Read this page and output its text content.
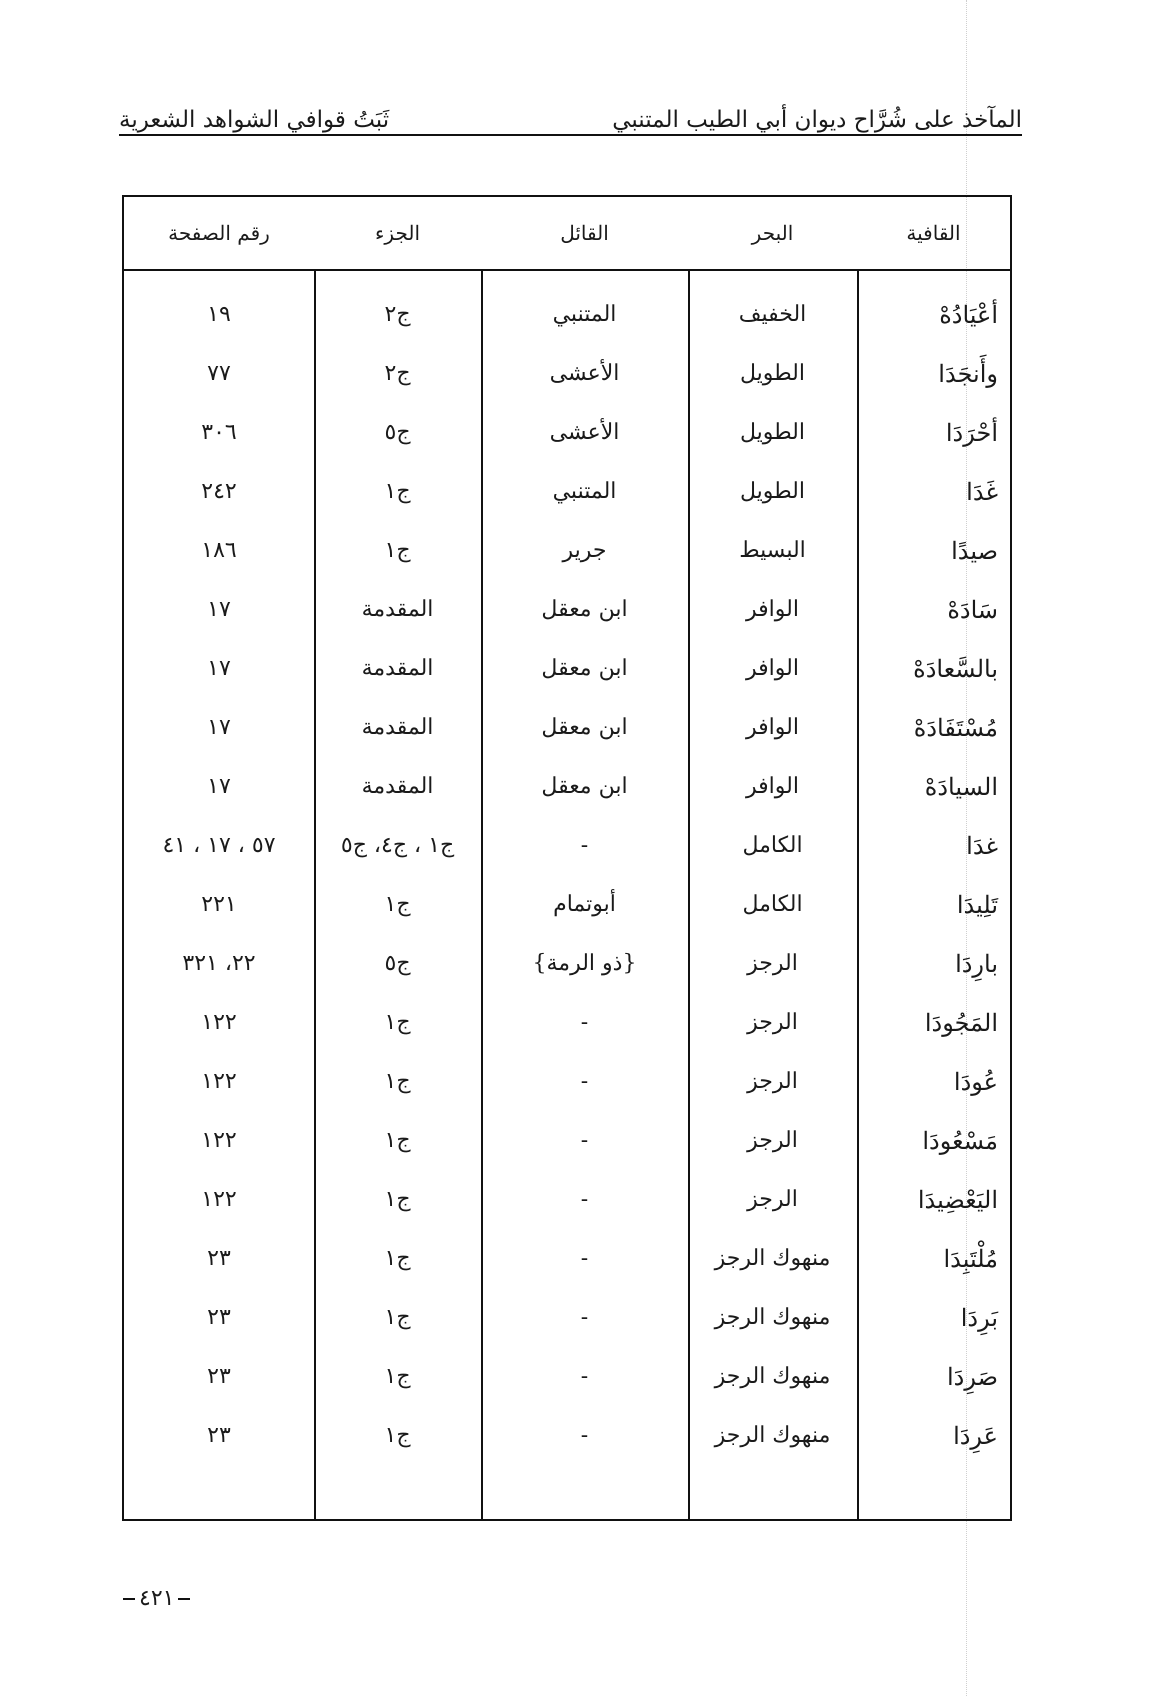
المآخذ على شُرَّاح ديوان أبي الطيب المتنبي
ثَبَتُ قوافي الشواهد الشعرية
القافية	البحر	القائل	الجزء	رقم الصفحة
أعْيَادُهْ	الخفيف	المتنبي	ج٢	١٩
وأَنجَدَا	الطويل	الأعشى	ج٢	٧٧
أحْرَدَا	الطويل	الأعشى	ج٥	٣٠٦
غَدَا	الطويل	المتنبي	ج١	٢٤٢
صيدًا	البسيط	جرير	ج١	١٨٦
سَادَهْ	الوافر	ابن معقل	المقدمة	١٧
بالسَّعادَهْ	الوافر	ابن معقل	المقدمة	١٧
مُسْتَفَادَهْ	الوافر	ابن معقل	المقدمة	١٧
السيادَهْ	الوافر	ابن معقل	المقدمة	١٧
غدَا	الكامل	-	ج١ ، ج٤، ج٥	٥٧ ، ١٧ ، ٤١
تَلِيدَا	الكامل	أبوتمام	ج١	٢٢١
بارِدَا	الرجز	{ذو الرمة}	ج٥	٢٢، ٣٢١
المَجُودَا	الرجز	-	ج١	١٢٢
عُودَا	الرجز	-	ج١	١٢٢
مَسْعُودَا	الرجز	-	ج١	١٢٢
اليَعْضِيدَا	الرجز	-	ج١	١٢٢
مُلْتَبِدَا	منهوك الرجز	-	ج١	٢٣
بَرِدَا	منهوك الرجز	-	ج١	٢٣
صَرِدَا	منهوك الرجز	-	ج١	٢٣
عَرِدَا	منهوك الرجز	-	ج١	٢٣
٤٢١
